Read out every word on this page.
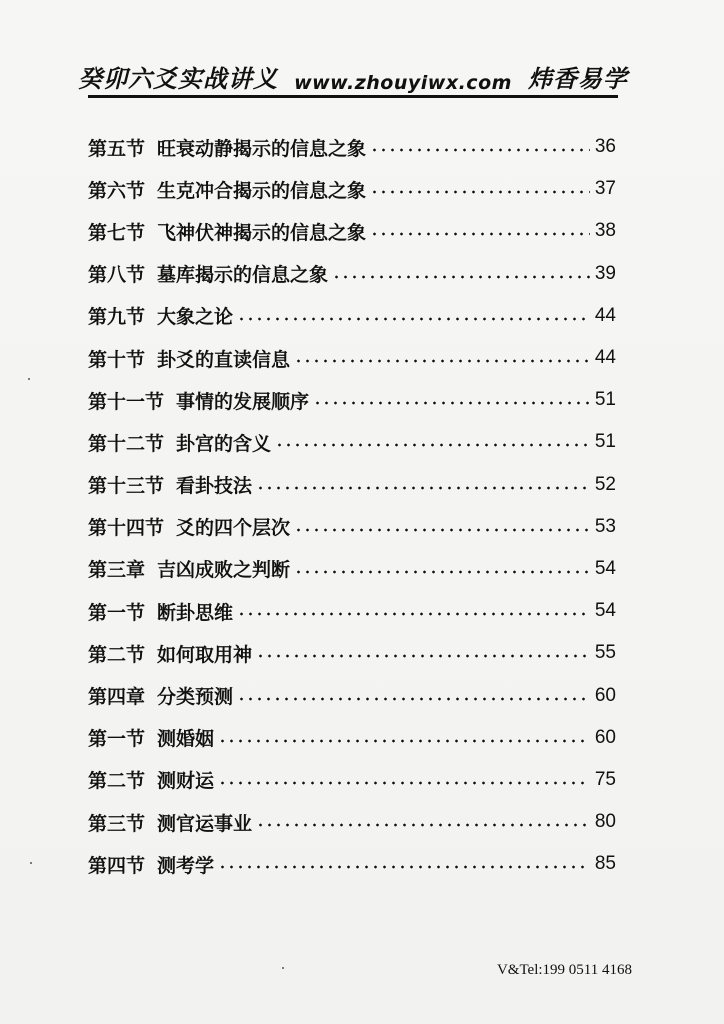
癸卯六爻实战讲义 www.zhouyiwx.com 炜香易学
第五节 旺衰动静揭示的信息之象	36
第六节 生克冲合揭示的信息之象	37
第七节 飞神伏神揭示的信息之象	38
第八节 墓库揭示的信息之象	39
第九节 大象之论	44
第十节 卦爻的直读信息	44
第十一节 事情的发展顺序	51
第十二节 卦宫的含义	51
第十三节 看卦技法	52
第十四节 爻的四个层次	53
第三章 吉凶成败之判断	54
第一节 断卦思维	54
第二节 如何取用神	55
第四章 分类预测	60
第一节 测婚姻	60
第二节 测财运	75
第三节 测官运事业	80
第四节 测考学	85
V&Tel:199 0511 4168
